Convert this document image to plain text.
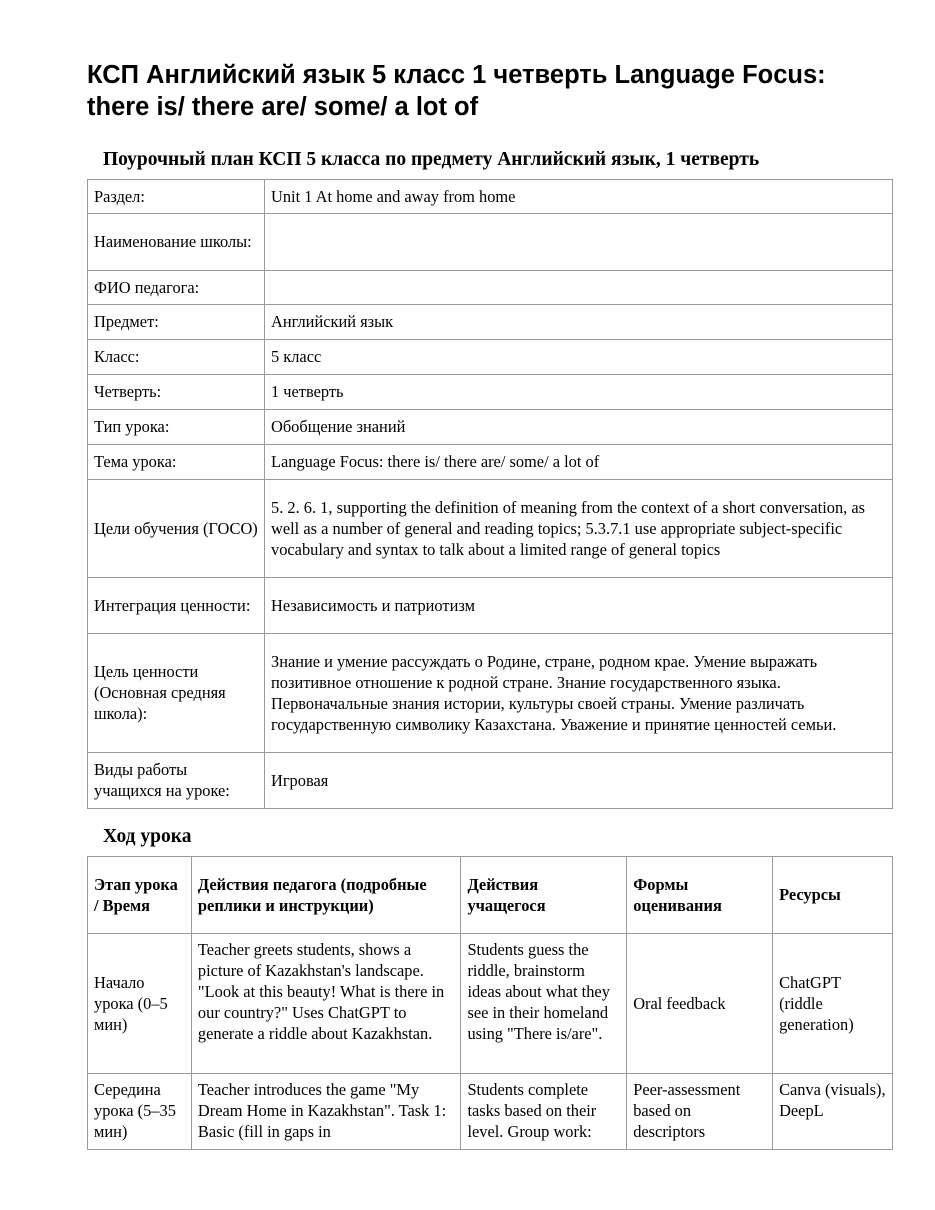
КСП Английский язык 5 класс 1 четверть Language Focus: there is/ there are/ some/ a lot of
Поурочный план КСП 5 класса по предмету Английский язык, 1 четверть
Раздел:	Unit 1 At home and away from home
Наименование школы:	
ФИО педагога:	
Предмет:	Английский язык
Класс:	5 класс
Четверть:	1 четверть
Тип урока:	Обобщение знаний
Тема урока:	Language Focus: there is/ there are/ some/ a lot of
Цели обучения (ГОСО)	5. 2. 6. 1, supporting the definition of meaning from the context of a short conversation, as well as a number of general and reading topics; 5.3.7.1 use appropriate subject-specific vocabulary and syntax to talk about a limited range of general topics
Интеграция ценности:	Независимость и патриотизм
Цель ценности (Основная средняя школа):	Знание и умение рассуждать о Родине, стране, родном крае. Умение выражать позитивное отношение к родной стране. Знание государственного языка. Первоначальные знания истории, культуры своей страны. Умение различать государственную символику Казахстана. Уважение и принятие ценностей семьи.
Виды работы учащихся на уроке:	Игровая
Ход урока
Этап урока / Время	Действия педагога (подробные реплики и инструкции)	Действия учащегося	Формы оценивания	Ресурсы
Начало урока (0–5 мин)	Teacher greets students, shows a picture of Kazakhstan's landscape. "Look at this beauty! What is there in our country?" Uses ChatGPT to generate a riddle about Kazakhstan.	Students guess the riddle, brainstorm ideas about what they see in their homeland using "There is/are".	Oral feedback	ChatGPT (riddle generation)
Середина урока (5–35 мин)	Teacher introduces the game "My Dream Home in Kazakhstan". Task 1: Basic (fill in gaps in	Students complete tasks based on their level. Group work:	Peer-assessment based on descriptors	Canva (visuals), DeepL
